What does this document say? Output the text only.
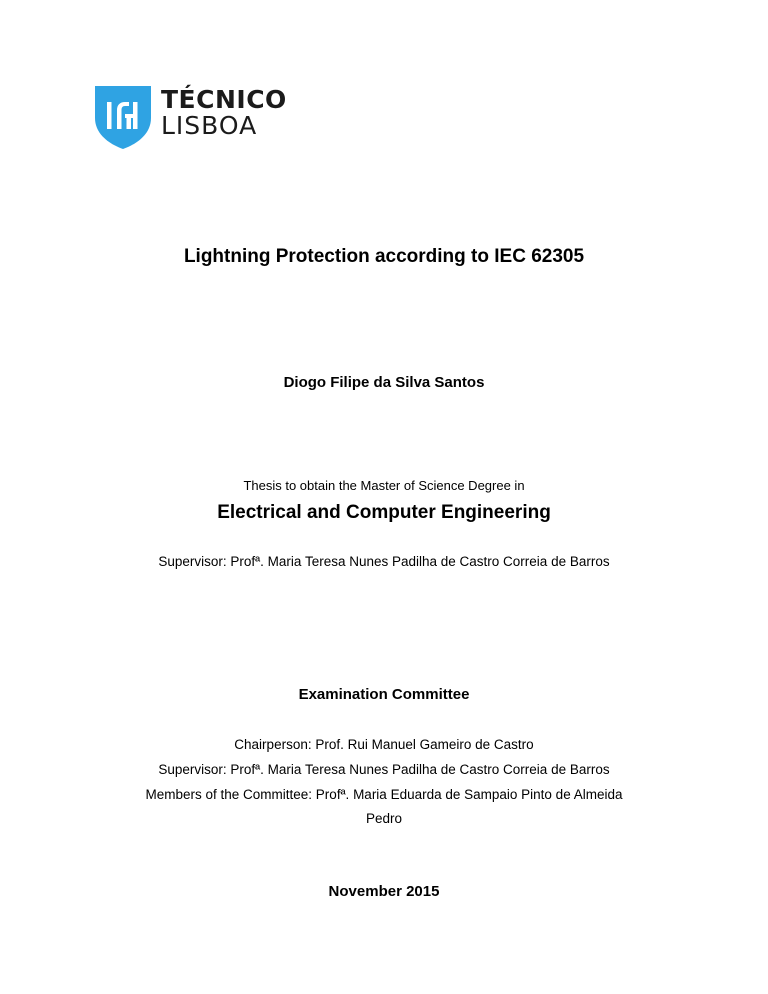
TÉCNICO
LISBOA
Lightning Protection according to IEC 62305
Diogo Filipe da Silva Santos
Thesis to obtain the Master of Science Degree in
Electrical and Computer Engineering
Supervisor: Profª. Maria Teresa Nunes Padilha de Castro Correia de Barros
Examination Committee
Chairperson: Prof. Rui Manuel Gameiro de Castro
Supervisor: Profª. Maria Teresa Nunes Padilha de Castro Correia de Barros
Members of the Committee: Profª. Maria Eduarda de Sampaio Pinto de Almeida
Pedro
November 2015
